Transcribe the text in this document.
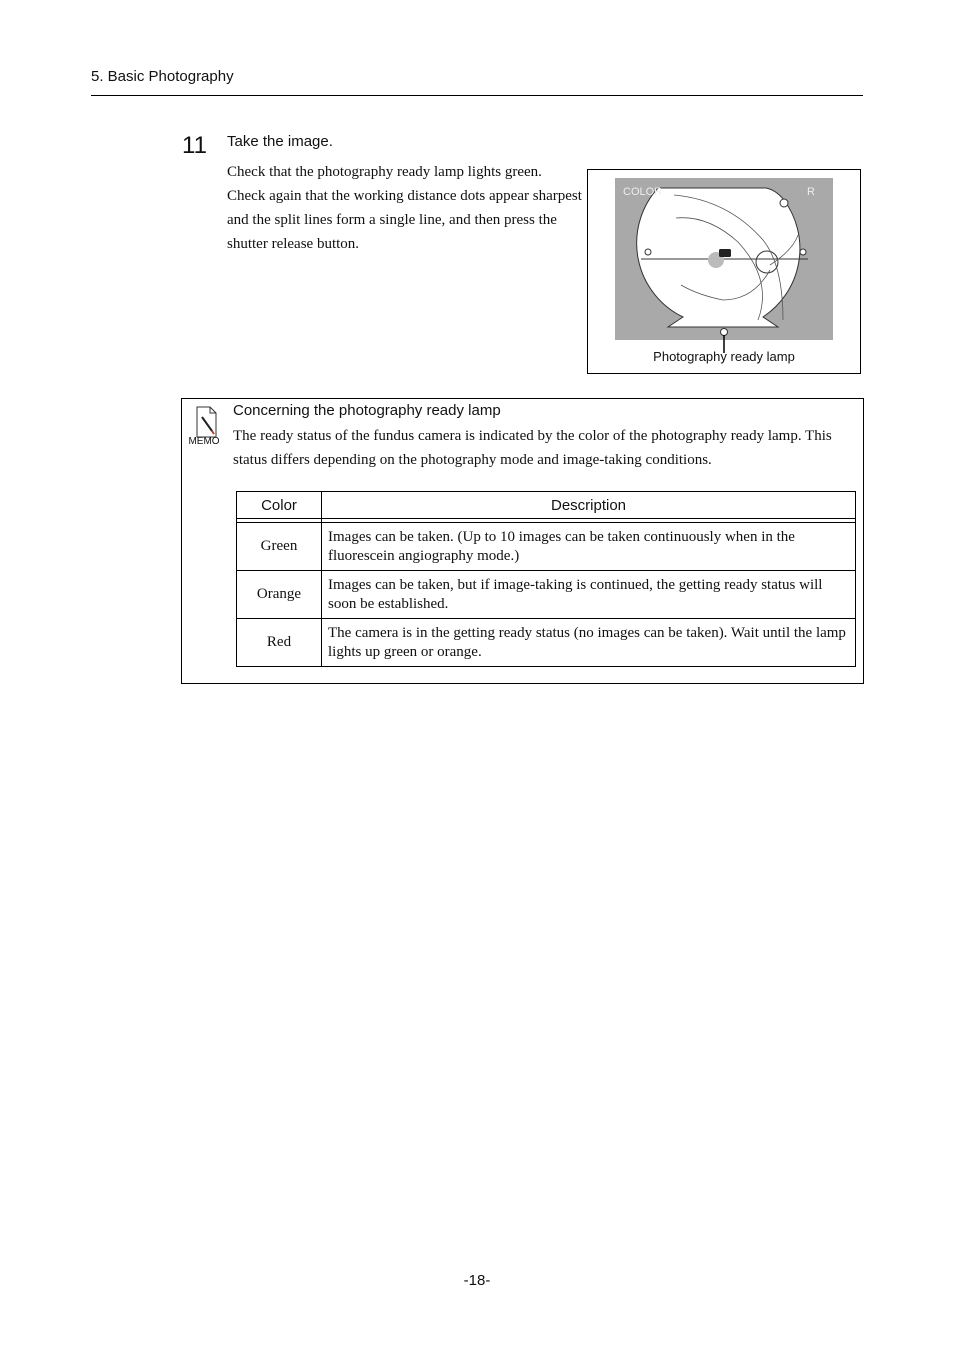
5. Basic Photography
11 Take the image.
Check that the photography ready lamp lights green. Check again that the working distance dots appear sharpest and the split lines form a single line, and then press the shutter release button.
COLOR	R
Photography ready lamp
MEMO
Concerning the photography ready lamp
The ready status of the fundus camera is indicated by the color of the photography ready lamp. This status differs depending on the photography mode and image-taking conditions.
Color	Description

Green	Images can be taken. (Up to 10 images can be taken continuously when in the fluorescein angiography mode.)
Orange	Images can be taken, but if image-taking is continued, the getting ready status will soon be established.
Red	The camera is in the getting ready status (no images can be taken). Wait until the lamp lights up green or orange.
-18-
